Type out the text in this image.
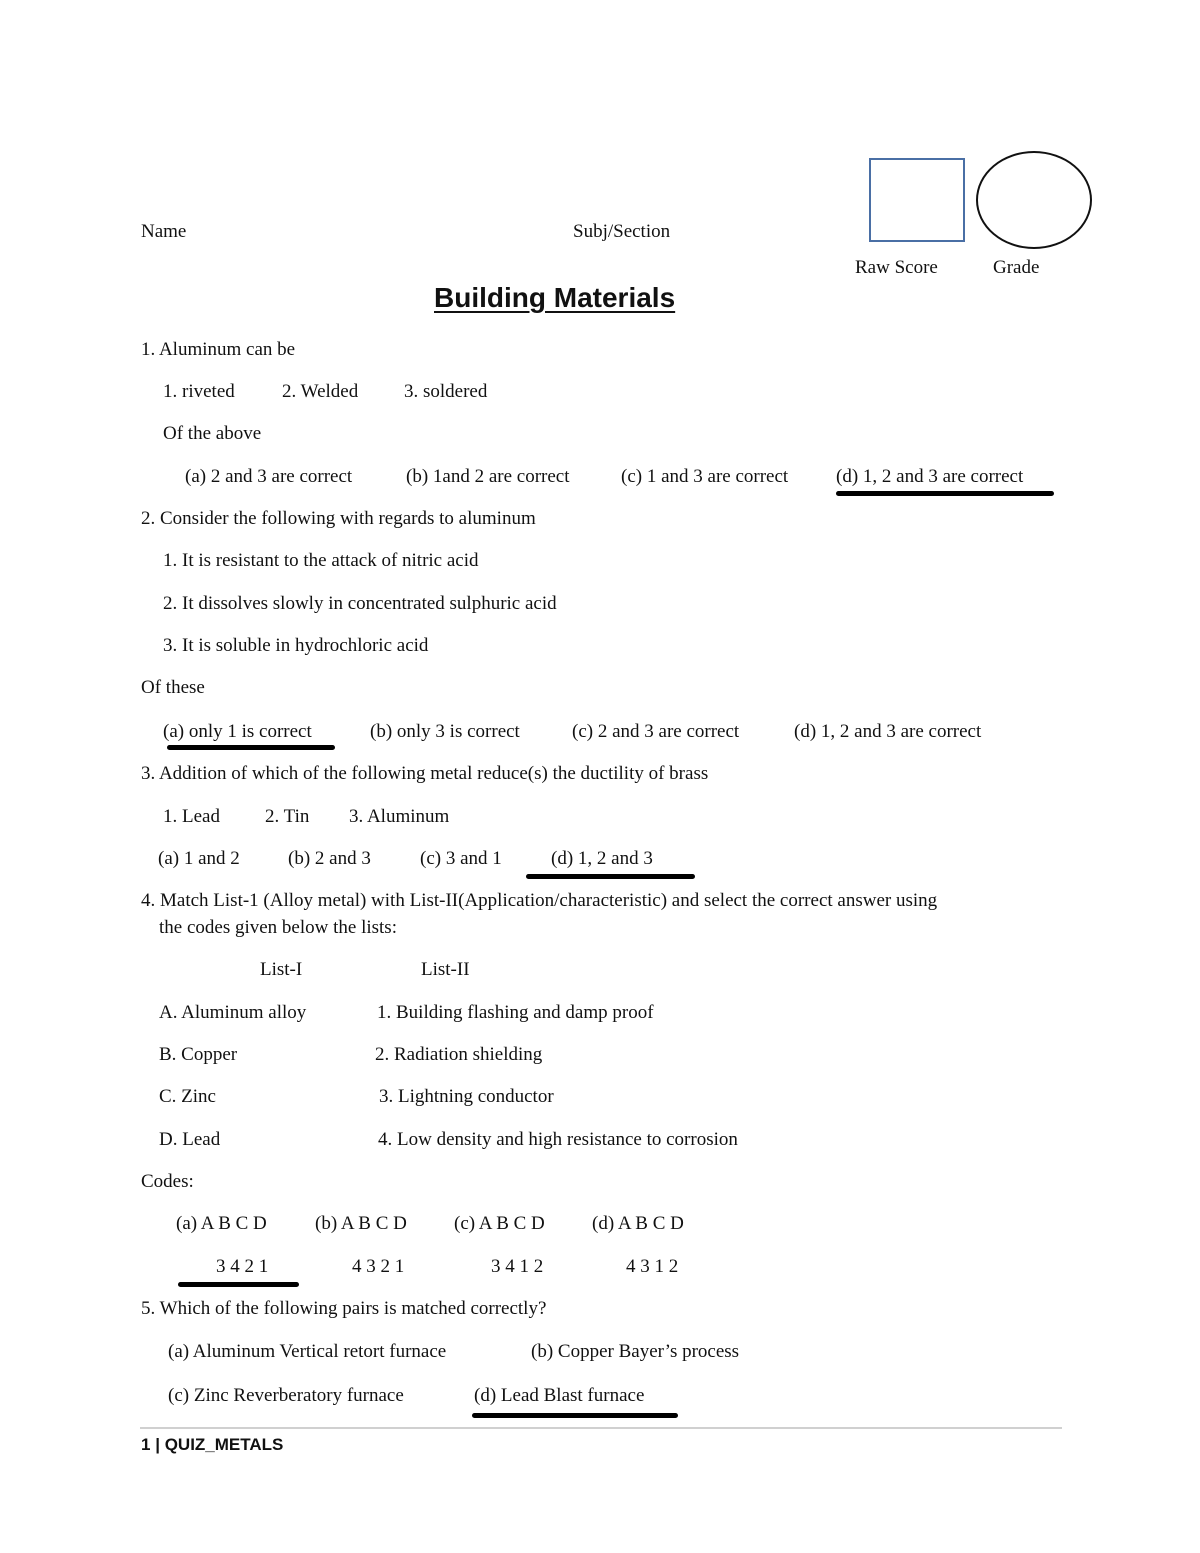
Name	Subj/Section
Raw Score	Grade
Building Materials
1. Aluminum can be
1. riveted 2. Welded 3. soldered
Of the above
(a) 2 and 3 are correct	(b) 1and 2 are correct	(c) 1 and 3 are correct	(d) 1, 2 and 3 are correct
2. Consider the following with regards to aluminum
1. It is resistant to the attack of nitric acid
2. It dissolves slowly in concentrated sulphuric acid
3. It is soluble in hydrochloric acid
Of these
(a) only 1 is correct	(b) only 3 is correct	(c) 2 and 3 are correct	(d) 1, 2 and 3 are correct
3. Addition of which of the following metal reduce(s) the ductility of brass
1. Lead 2. Tin 3. Aluminum
(a) 1 and 2	(b) 2 and 3	(c) 3 and 1	(d) 1, 2 and 3
4. Match List-1 (Alloy metal) with List-II(Application/characteristic) and select the correct answer using
the codes given below the lists:
List-I	List-II
A. Aluminum alloy	1. Building flashing and damp proof
B. Copper	2. Radiation shielding
C. Zinc	3. Lightning conductor
D. Lead	4. Low density and high resistance to corrosion
Codes:
(a) A B C D	(b) A B C D (c) A B C D (d) A B C D
3 4 2 1	4 3 2 1	3 4 1 2	4 3 1 2
5. Which of the following pairs is matched correctly?
(a) Aluminum Vertical retort furnace	(b) Copper Bayer’s process
(c) Zinc Reverberatory furnace	(d) Lead Blast furnace
1 | QUIZ_METALS
